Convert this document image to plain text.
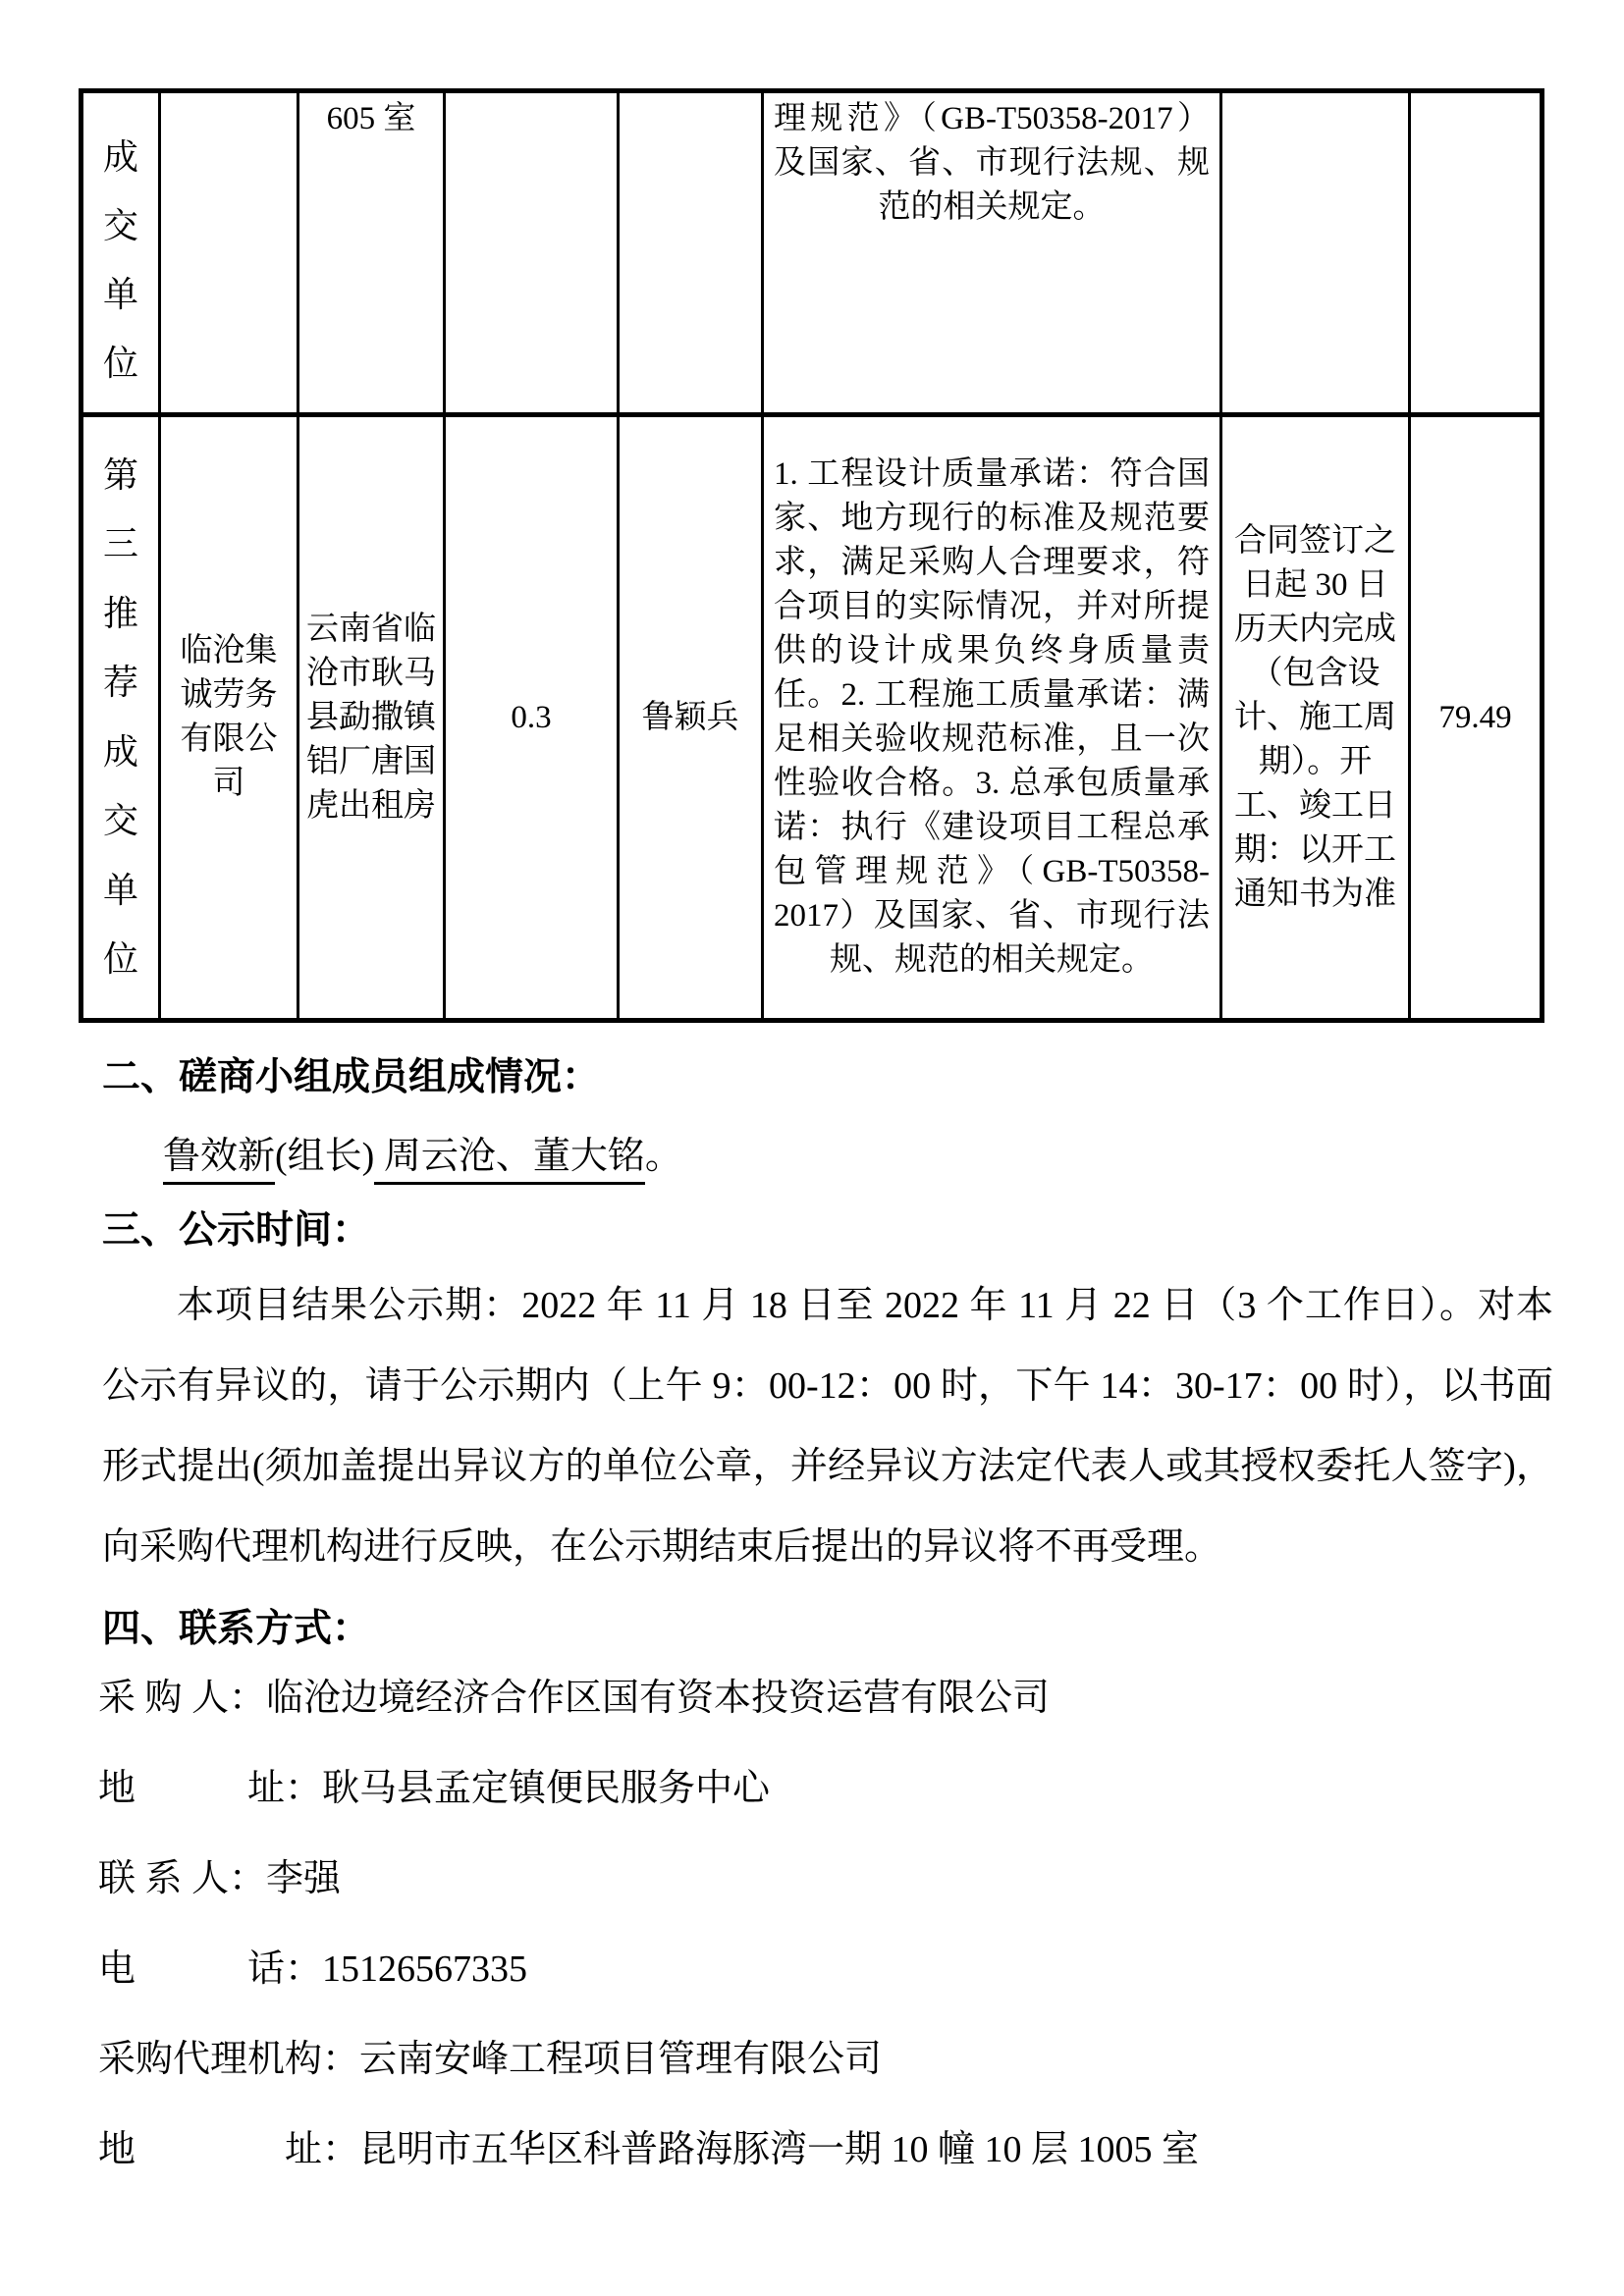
成
交
单
位
605 室	理规范》（GB-T50358-2017）及国家、省、市现行法规、规范的相关规定。
第
三
推
荐
成
交
单
位
临沧集诚劳务有限公司
云南省临沧市耿马县勐撒镇铝厂唐国虎出租房
0.3	鲁颖兵
1. 工程设计质量承诺：符合国家、地方现行的标准及规范要求，满足采购人合理要求，符合项目的实际情况，并对所提供的设计成果负终身质量责任。2. 工程施工质量承诺：满足相关验收规范标准，且一次性验收合格。3. 总承包质量承诺：执行《建设项目工程总承包管理规范》（GB-T50358-2017）及国家、省、市现行法规、规范的相关规定。
合同签订之日起 30 日历天内完成（包含设计、施工周期）。开工、竣工日期：以开工通知书为准
79.49
二、磋商小组成员组成情况：
鲁效新(组长) 周云沧、董大铭。
三、公示时间：
本项目结果公示期：2022 年 11 月 18 日至 2022 年 11 月 22 日（3 个工作日）。对本公示有异议的，请于公示期内（上午 9：00-12：00 时，下午 14：30-17：00 时），以书面形式提出(须加盖提出异议方的单位公章，并经异议方法定代表人或其授权委托人签字)，向采购代理机构进行反映，在公示期结束后提出的异议将不再受理。
四、联系方式：
采 购 人：临沧边境经济合作区国有资本投资运营有限公司
地　　　址：耿马县孟定镇便民服务中心
联 系 人：李强
电　　　话：15126567335
采购代理机构：云南安峰工程项目管理有限公司
地　　　　址：昆明市五华区科普路海豚湾一期 10 幢 10 层 1005 室
